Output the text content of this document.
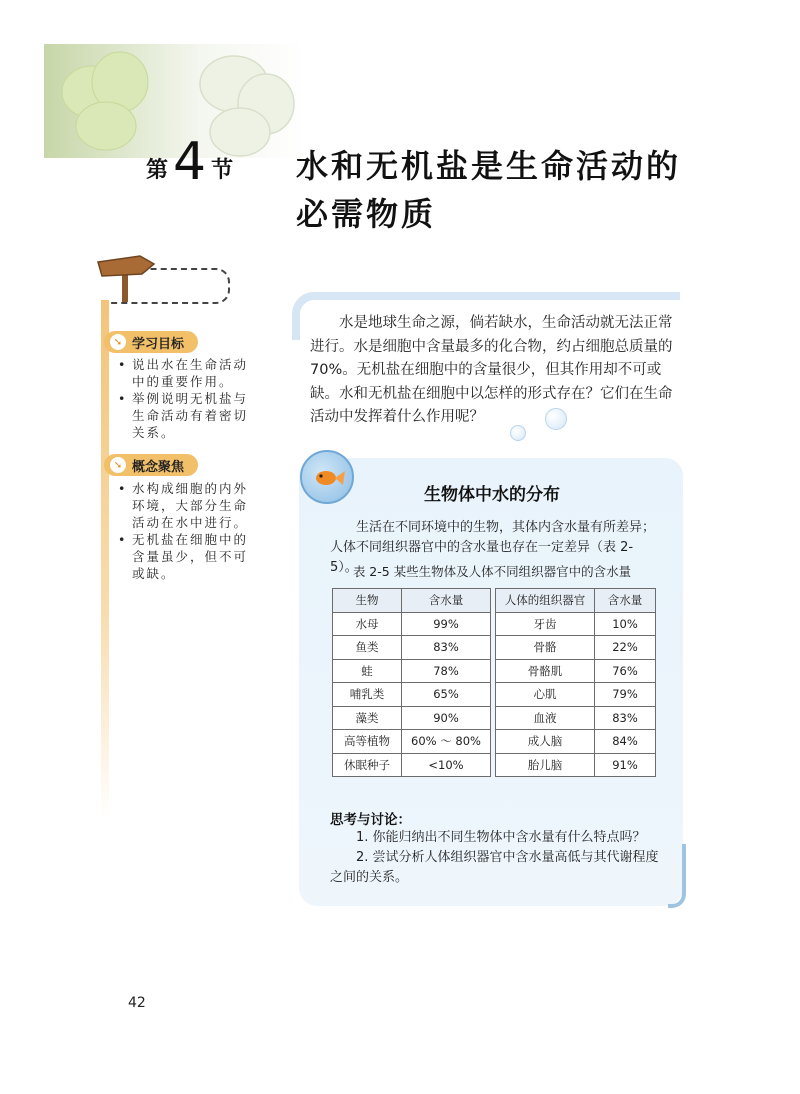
第 4 节 水和无机盐是生命活动的
必需物质
➘ 学习目标
• 说出水在生命活动中的重要作用。
• 举例说明无机盐与生命活动有着密切关系。
➘ 概念聚焦
• 水构成细胞的内外环境，大部分生命活动在水中进行。
• 无机盐在细胞中的含量虽少，但不可或缺。
水是地球生命之源，倘若缺水，生命活动就无法正常进行。水是细胞中含量最多的化合物，约占细胞总质量的70%。无机盐在细胞中的含量很少，但其作用却不可或缺。水和无机盐在细胞中以怎样的形式存在？它们在生命活动中发挥着什么作用呢？
生物体中水的分布
生活在不同环境中的生物，其体内含水量有所差异；人体不同组织器官中的含水量也存在一定差异（表 2-5）。
表 2-5 某些生物体及人体不同组织器官中的含水量
生物	含水量		人体的组织器官	含水量
水母	99%		牙齿	10%
鱼类	83%		骨骼	22%
蛙	78%		骨骼肌	76%
哺乳类	65%		心肌	79%
藻类	90%		血液	83%
高等植物	60% ～ 80%		成人脑	84%
休眠种子	<10%		胎儿脑	91%
思考与讨论：
1. 你能归纳出不同生物体中含水量有什么特点吗？
2. 尝试分析人体组织器官中含水量高低与其代谢程度之间的关系。
42
